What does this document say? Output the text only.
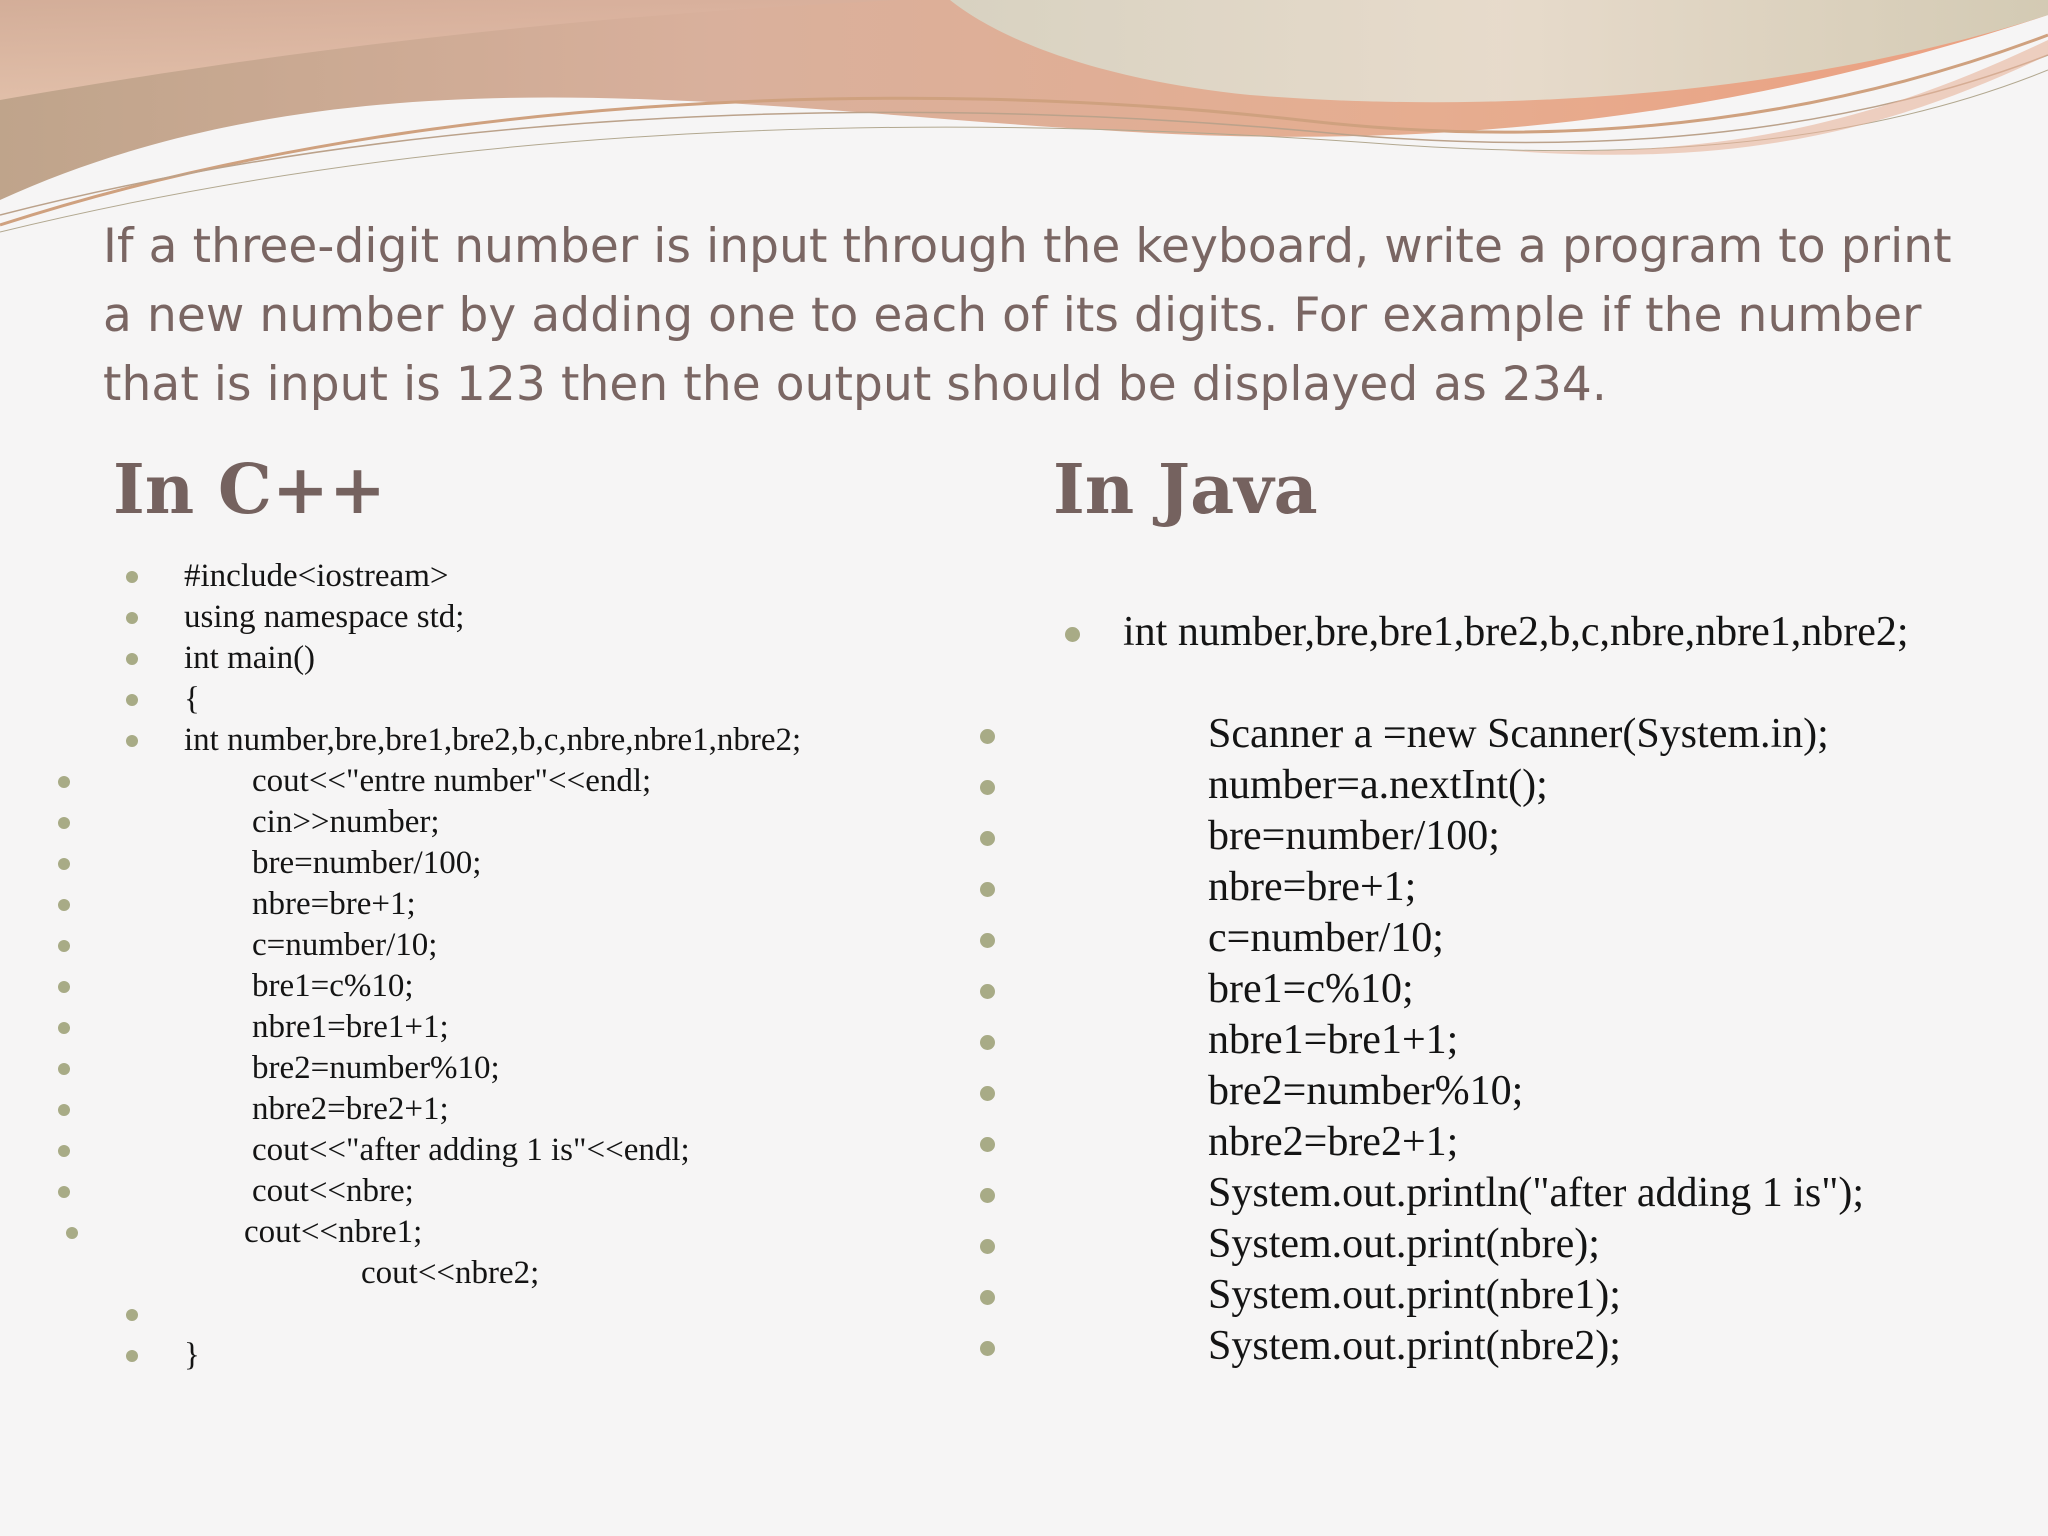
If a three-digit number is input through the keyboard, write a program to print a new number by adding one to each of its digits. For example if the number that is input is 123 then the output should be displayed as 234.

In C++	In Java
#include<iostream>
using namespace std;
int main()
{
int number,bre,bre1,bre2,b,c,nbre,nbre1,nbre2;
cout<<"entre number"<<endl;
cin>>number;
bre=number/100;
nbre=bre+1;
c=number/10;
bre1=c%10;
nbre1=bre1+1;
bre2=number%10;
nbre2=bre2+1;
cout<<"after adding 1 is"<<endl;
cout<<nbre;
cout<<nbre1;
cout<<nbre2;
}
int number,bre,bre1,bre2,b,c,nbre,nbre1,nbre2;
Scanner a =new Scanner(System.in);
number=a.nextInt();
bre=number/100;
nbre=bre+1;
c=number/10;
bre1=c%10;
nbre1=bre1+1;
bre2=number%10;
nbre2=bre2+1;
System.out.println("after adding 1 is");
System.out.print(nbre);
System.out.print(nbre1);
System.out.print(nbre2);
